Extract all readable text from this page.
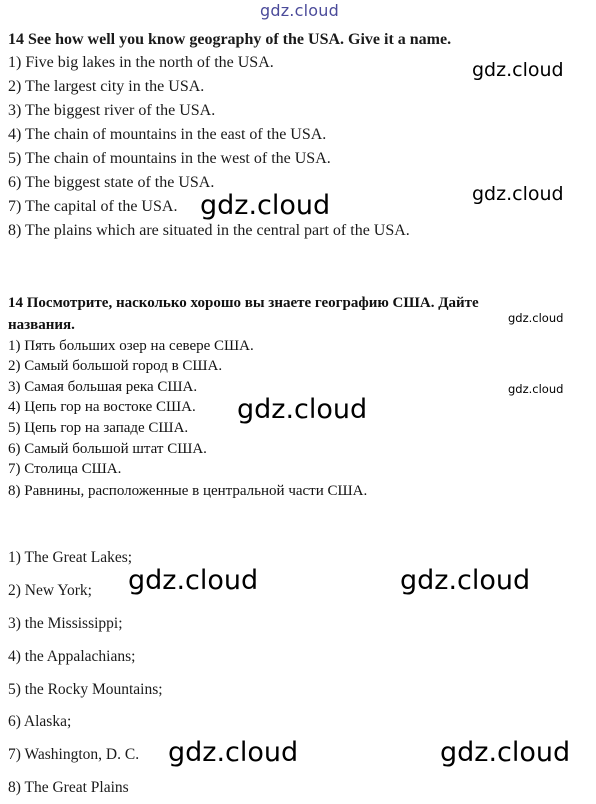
gdz.cloud
14 See how well you know geography of the USA. Give it a name.
1) Five big lakes in the north of the USA.
2) The largest city in the USA.
3) The biggest river of the USA.
4) The chain of mountains in the east of the USA.
5) The chain of mountains in the west of the USA.
6) The biggest state of the USA.
7) The capital of the USA.
8) The plains which are situated in the central part of the USA.
gdz.cloud
gdz.cloud
gdz.cloud
14 Посмотрите, насколько хорошо вы знаете географию США. Дайте
названия.
1) Пять больших озер на севере США.
2) Самый большой город в США.
3) Самая большая река США.
4) Цепь гор на востоке США.
5) Цепь гор на западе США.
6) Самый большой штат США.
7) Столица США.
8) Равнины, расположенные в центральной части США.
gdz.cloud
gdz.cloud
gdz.cloud
1) The Great Lakes;
2) New York;
3) the Mississippi;
4) the Appalachians;
5) the Rocky Mountains;
6) Alaska;
7) Washington, D. C.
8) The Great Plains
gdz.cloud	gdz.cloud
gdz.cloud	gdz.cloud
